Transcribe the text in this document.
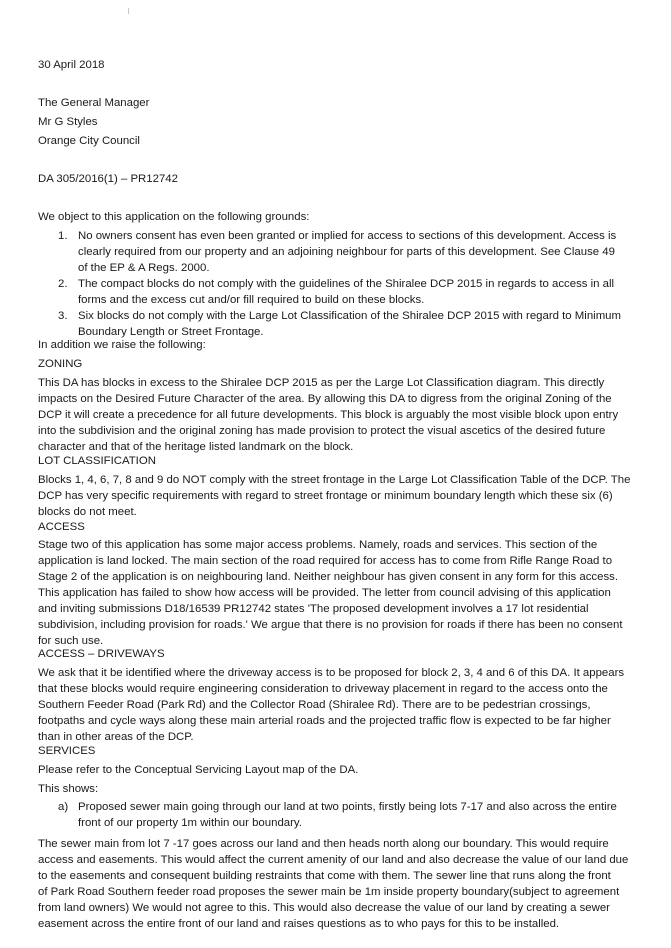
30 April 2018
The General Manager
Mr G Styles
Orange City Council
DA 305/2016(1) – PR12742
We object to this application on the following grounds:
1. No owners consent has even been granted or implied for access to sections of this development. Access is

clearly required from our property and an adjoining neighbour for parts of this development. See Clause 49

of the EP & A Regs. 2000.

2. The compact blocks do not comply with the guidelines of the Shiralee DCP 2015 in regards to access in all

forms and the excess cut and/or fill required to build on these blocks.

3. Six blocks do not comply with the Large Lot Classification of the Shiralee DCP 2015 with regard to Minimum

Boundary Length or Street Frontage.

In addition we raise the following:
ZONING

This DA has blocks in excess to the Shiralee DCP 2015 as per the Large Lot Classification diagram. This directly

impacts on the Desired Future Character of the area. By allowing this DA to digress from the original Zoning of the

DCP it will create a precedence for all future developments. This block is arguably the most visible block upon entry

into the subdivision and the original zoning has made provision to protect the visual ascetics of the desired future

character and that of the heritage listed landmark on the block.

LOT CLASSIFICATION

Blocks 1, 4, 6, 7, 8 and 9 do NOT comply with the street frontage in the Large Lot Classification Table of the DCP. The

DCP has very specific requirements with regard to street frontage or minimum boundary length which these six (6)

blocks do not meet.

ACCESS

Stage two of this application has some major access problems. Namely, roads and services. This section of the

application is land locked. The main section of the road required for access has to come from Rifle Range Road to

Stage 2 of the application is on neighbouring land. Neither neighbour has given consent in any form for this access.

This application has failed to show how access will be provided. The letter from council advising of this application

and inviting submissions D18/16539 PR12742 states 'The proposed development involves a 17 lot residential

subdivision, including provision for roads.' We argue that there is no provision for roads if there has been no consent

for such use.

ACCESS – DRIVEWAYS

We ask that it be identified where the driveway access is to be proposed for block 2, 3, 4 and 6 of this DA. It appears

that these blocks would require engineering consideration to driveway placement in regard to the access onto the

Southern Feeder Road (Park Rd) and the Collector Road (Shiralee Rd). There are to be pedestrian crossings,

footpaths and cycle ways along these main arterial roads and the projected traffic flow is expected to be far higher

than in other areas of the DCP.

SERVICES
Please refer to the Conceptual Servicing Layout map of the DA.
This shows:
a) Proposed sewer main going through our land at two points, firstly being lots 7-17 and also across the entire

front of our property 1m within our boundary.

The sewer main from lot 7 -17 goes across our land and then heads north along our boundary. This would require

access and easements. This would affect the current amenity of our land and also decrease the value of our land due

to the easements and consequent building restraints that come with them. The sewer line that runs along the front

of Park Road Southern feeder road proposes the sewer main be 1m inside property boundary(subject to agreement

from land owners) We would not agree to this. This would also decrease the value of our land by creating a sewer

easement across the entire front of our land and raises questions as to who pays for this to be installed.
